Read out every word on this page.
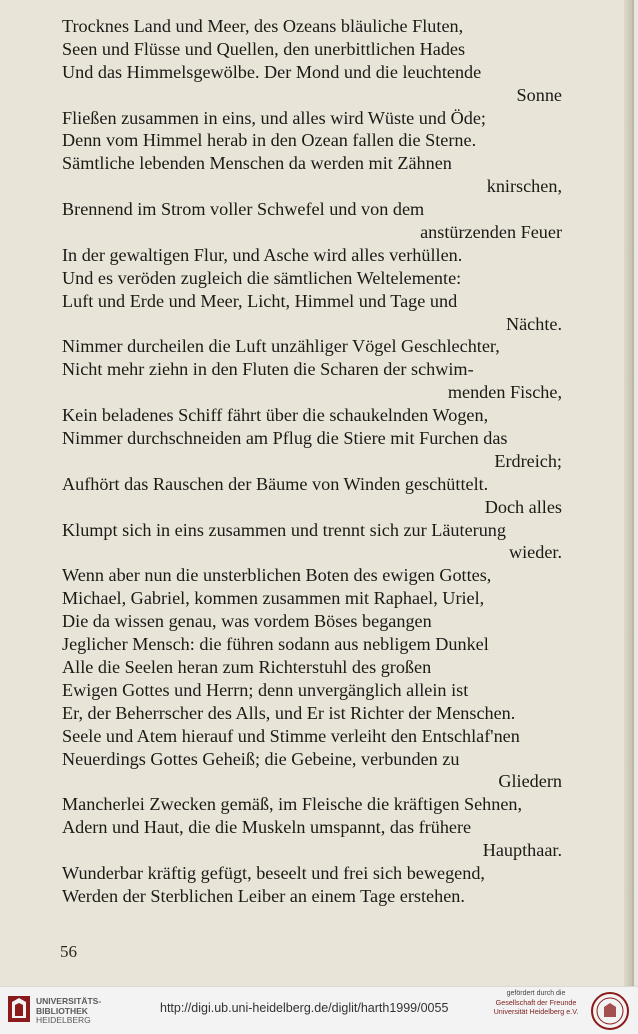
Trocknes Land und Meer, des Ozeans bläuliche Fluten,
Seen und Flüsse und Quellen, den unerbittlichen Hades
Und das Himmelsgewölbe. Der Mond und die leuchtende
Sonne
Fließen zusammen in eins, und alles wird Wüste und Öde;
Denn vom Himmel herab in den Ozean fallen die Sterne.
Sämtliche lebenden Menschen da werden mit Zähnen
knirschen,
Brennend im Strom voller Schwefel und von dem
anstürzenden Feuer
In der gewaltigen Flur, und Asche wird alles verhüllen.
Und es veröden zugleich die sämtlichen Weltelemente:
Luft und Erde und Meer, Licht, Himmel und Tage und
Nächte.
Nimmer durcheilen die Luft unzähliger Vögel Geschlechter,
Nicht mehr ziehn in den Fluten die Scharen der schwim-
menden Fische,
Kein beladenes Schiff fährt über die schaukelnden Wogen,
Nimmer durchschneiden am Pflug die Stiere mit Furchen das
Erdreich;
Aufhört das Rauschen der Bäume von Winden geschüttelt.
Doch alles
Klumpt sich in eins zusammen und trennt sich zur Läuterung
wieder.
Wenn aber nun die unsterblichen Boten des ewigen Gottes,
Michael, Gabriel, kommen zusammen mit Raphael, Uriel,
Die da wissen genau, was vordem Böses begangen
Jeglicher Mensch: die führen sodann aus nebligem Dunkel
Alle die Seelen heran zum Richterstuhl des großen
Ewigen Gottes und Herrn; denn unvergänglich allein ist
Er, der Beherrscher des Alls, und Er ist Richter der Menschen.
Seele und Atem hierauf und Stimme verleiht den Entschlaf'nen
Neuerdings Gottes Geheiß; die Gebeine, verbunden zu
Gliedern
Mancherlei Zwecken gemäß, im Fleische die kräftigen Sehnen,
Adern und Haut, die die Muskeln umspannt, das frühere
Haupthaar.
Wunderbar kräftig gefügt, beseelt und frei sich bewegend,
Werden der Sterblichen Leiber an einem Tage erstehen.
56
UNIVERSITÄTS-
BIBLIOTHEK
HEIDELBERG
http://digi.ub.uni-heidelberg.de/diglit/harth1999/0055
gefördert durch die
Gesellschaft der Freunde
Universität Heidelberg e.V.
